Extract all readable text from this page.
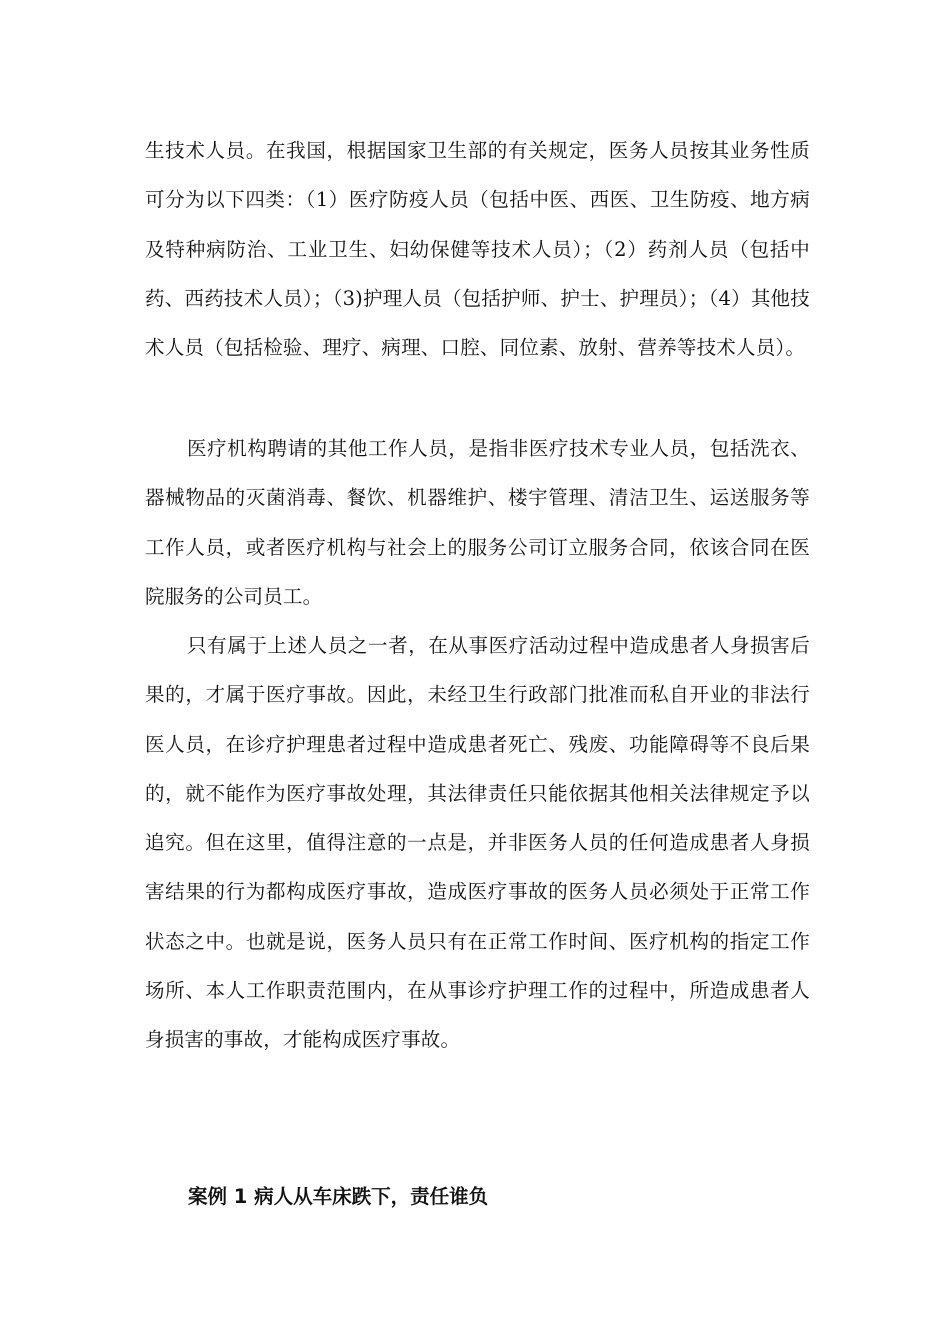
生技术人员。在我国，根据国家卫生部的有关规定，医务人员按其业务性质可分为以下四类：（1）医疗防疫人员（包括中医、西医、卫生防疫、地方病及特种病防治、工业卫生、妇幼保健等技术人员）；（2）药剂人员（包括中药、西药技术人员）；（3)护理人员（包括护师、护士、护理员）；（4）其他技术人员（包括检验、理疗、病理、口腔、同位素、放射、营养等技术人员）。

医疗机构聘请的其他工作人员，是指非医疗技术专业人员，包括洗衣、器械物品的灭菌消毒、餐饮、机器维护、楼宇管理、清洁卫生、运送服务等工作人员，或者医疗机构与社会上的服务公司订立服务合同，依该合同在医院服务的公司员工。

只有属于上述人员之一者，在从事医疗活动过程中造成患者人身损害后果的，才属于医疗事故。因此，未经卫生行政部门批准而私自开业的非法行医人员，在诊疗护理患者过程中造成患者死亡、残废、功能障碍等不良后果的，就不能作为医疗事故处理，其法律责任只能依据其他相关法律规定予以追究。但在这里，值得注意的一点是，并非医务人员的任何造成患者人身损害结果的行为都构成医疗事故，造成医疗事故的医务人员必须处于正常工作状态之中。也就是说，医务人员只有在正常工作时间、医疗机构的指定工作场所、本人工作职责范围内，在从事诊疗护理工作的过程中，所造成患者人身损害的事故，才能构成医疗事故。

案例 1 病人从车床跌下，责任谁负
